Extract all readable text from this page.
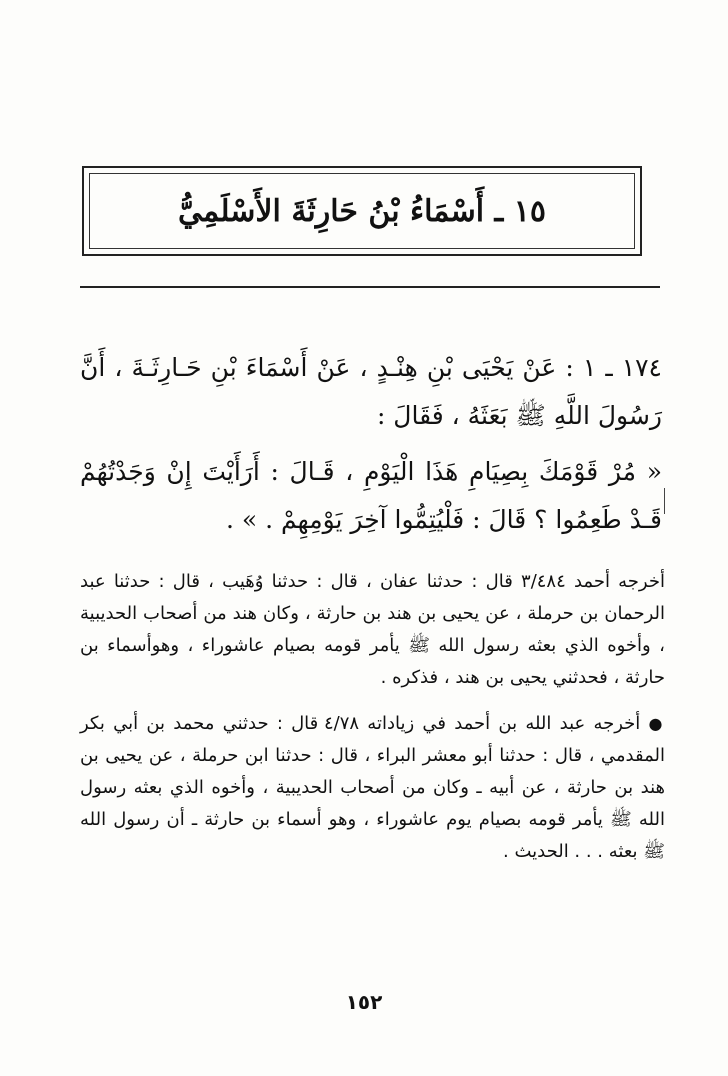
١٥ ـ أَسْمَاءُ بْنُ حَارِثَةَ الأَسْلَمِيُّ

١٧٤ ـ ١ : عَنْ يَحْيَى بْنِ هِنْـدٍ ، عَنْ أَسْمَاءَ بْنِ حَـارِثَـةَ ، أَنَّ رَسُولَ اللَّهِ ﷺ بَعَثَهُ ، فَقَالَ :

« مُرْ قَوْمَكَ بِصِيَامِ هَذَا الْيَوْمِ ، قَـالَ : أَرَأَيْتَ إِنْ وَجَدْتُهُمْ قَـدْ طَعِمُوا ؟ قَالَ : فَلْيُتِمُّوا آخِرَ يَوْمِهِمْ . » .

أخرجه أحمد ٣/٤٨٤ قال : حدثنا عفان ، قال : حدثنا وُهَيب ، قال : حدثنا عبد الرحمان بن حرملة ، عن يحيى بن هند بن حارثة ، وكان هند من أصحاب الحديبية ، وأخوه الذي بعثه رسول الله ﷺ يأمر قومه بصيام عاشوراء ، وهوأسماء بن حارثة ، فحدثني يحيى بن هند ، فذكره .

● أخرجه عبد الله بن أحمد في زياداته ٤/٧٨ قال : حدثني محمد بن أبي بكر المقدمي ، قال : حدثنا أبو معشر البراء ، قال : حدثنا ابن حرملة ، عن يحيى بن هند بن حارثة ، عن أبيه ـ وكان من أصحاب الحديبية ، وأخوه الذي بعثه رسول الله ﷺ يأمر قومه بصيام يوم عاشوراء ، وهو أسماء بن حارثة ـ أن رسول الله ﷺ بعثه . . . الحديث .

١٥٢
